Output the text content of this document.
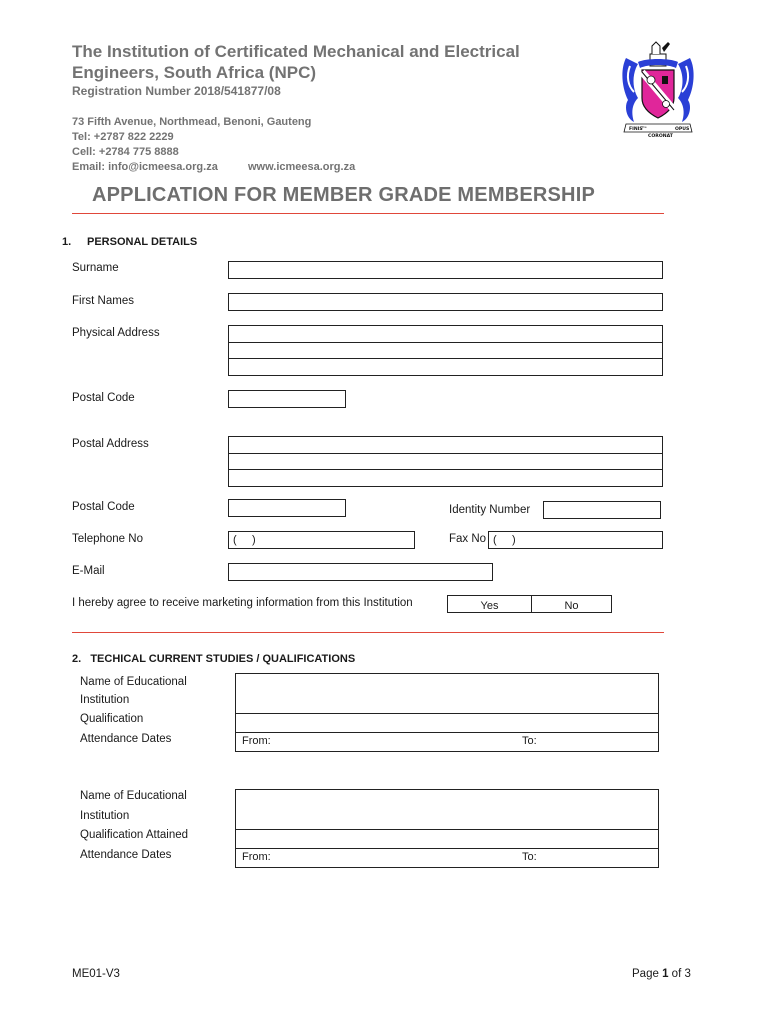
The Institution of Certificated Mechanical and Electrical
Engineers, South Africa (NPC)
Registration Number 2018/541877/08
73 Fifth Avenue, Northmead, Benoni, Gauteng
Tel: +2787 822 2229
Cell: +2784 775 8888
Email: info@icmeesa.org.za	www.icmeesa.org.za
FINIS the	OPUS
CORONAT
APPLICATION FOR MEMBER GRADE MEMBERSHIP
1. PERSONAL DETAILS
Surname
First Names
Physical Address
Postal Code
Postal Address
Postal Code	Identity Number
Telephone No	(     )	Fax No (     )
E-Mail
I hereby agree to receive marketing information from this Institution	Yes	No
2.   TECHICAL CURRENT STUDIES / QUALIFICATIONS
Name of Educational
Institution
Qualification
Attendance Dates	From:	To:
Name of Educational
Institution
Qualification Attained
Attendance Dates	From:	To:
ME01-V3	Page 1 of 3
